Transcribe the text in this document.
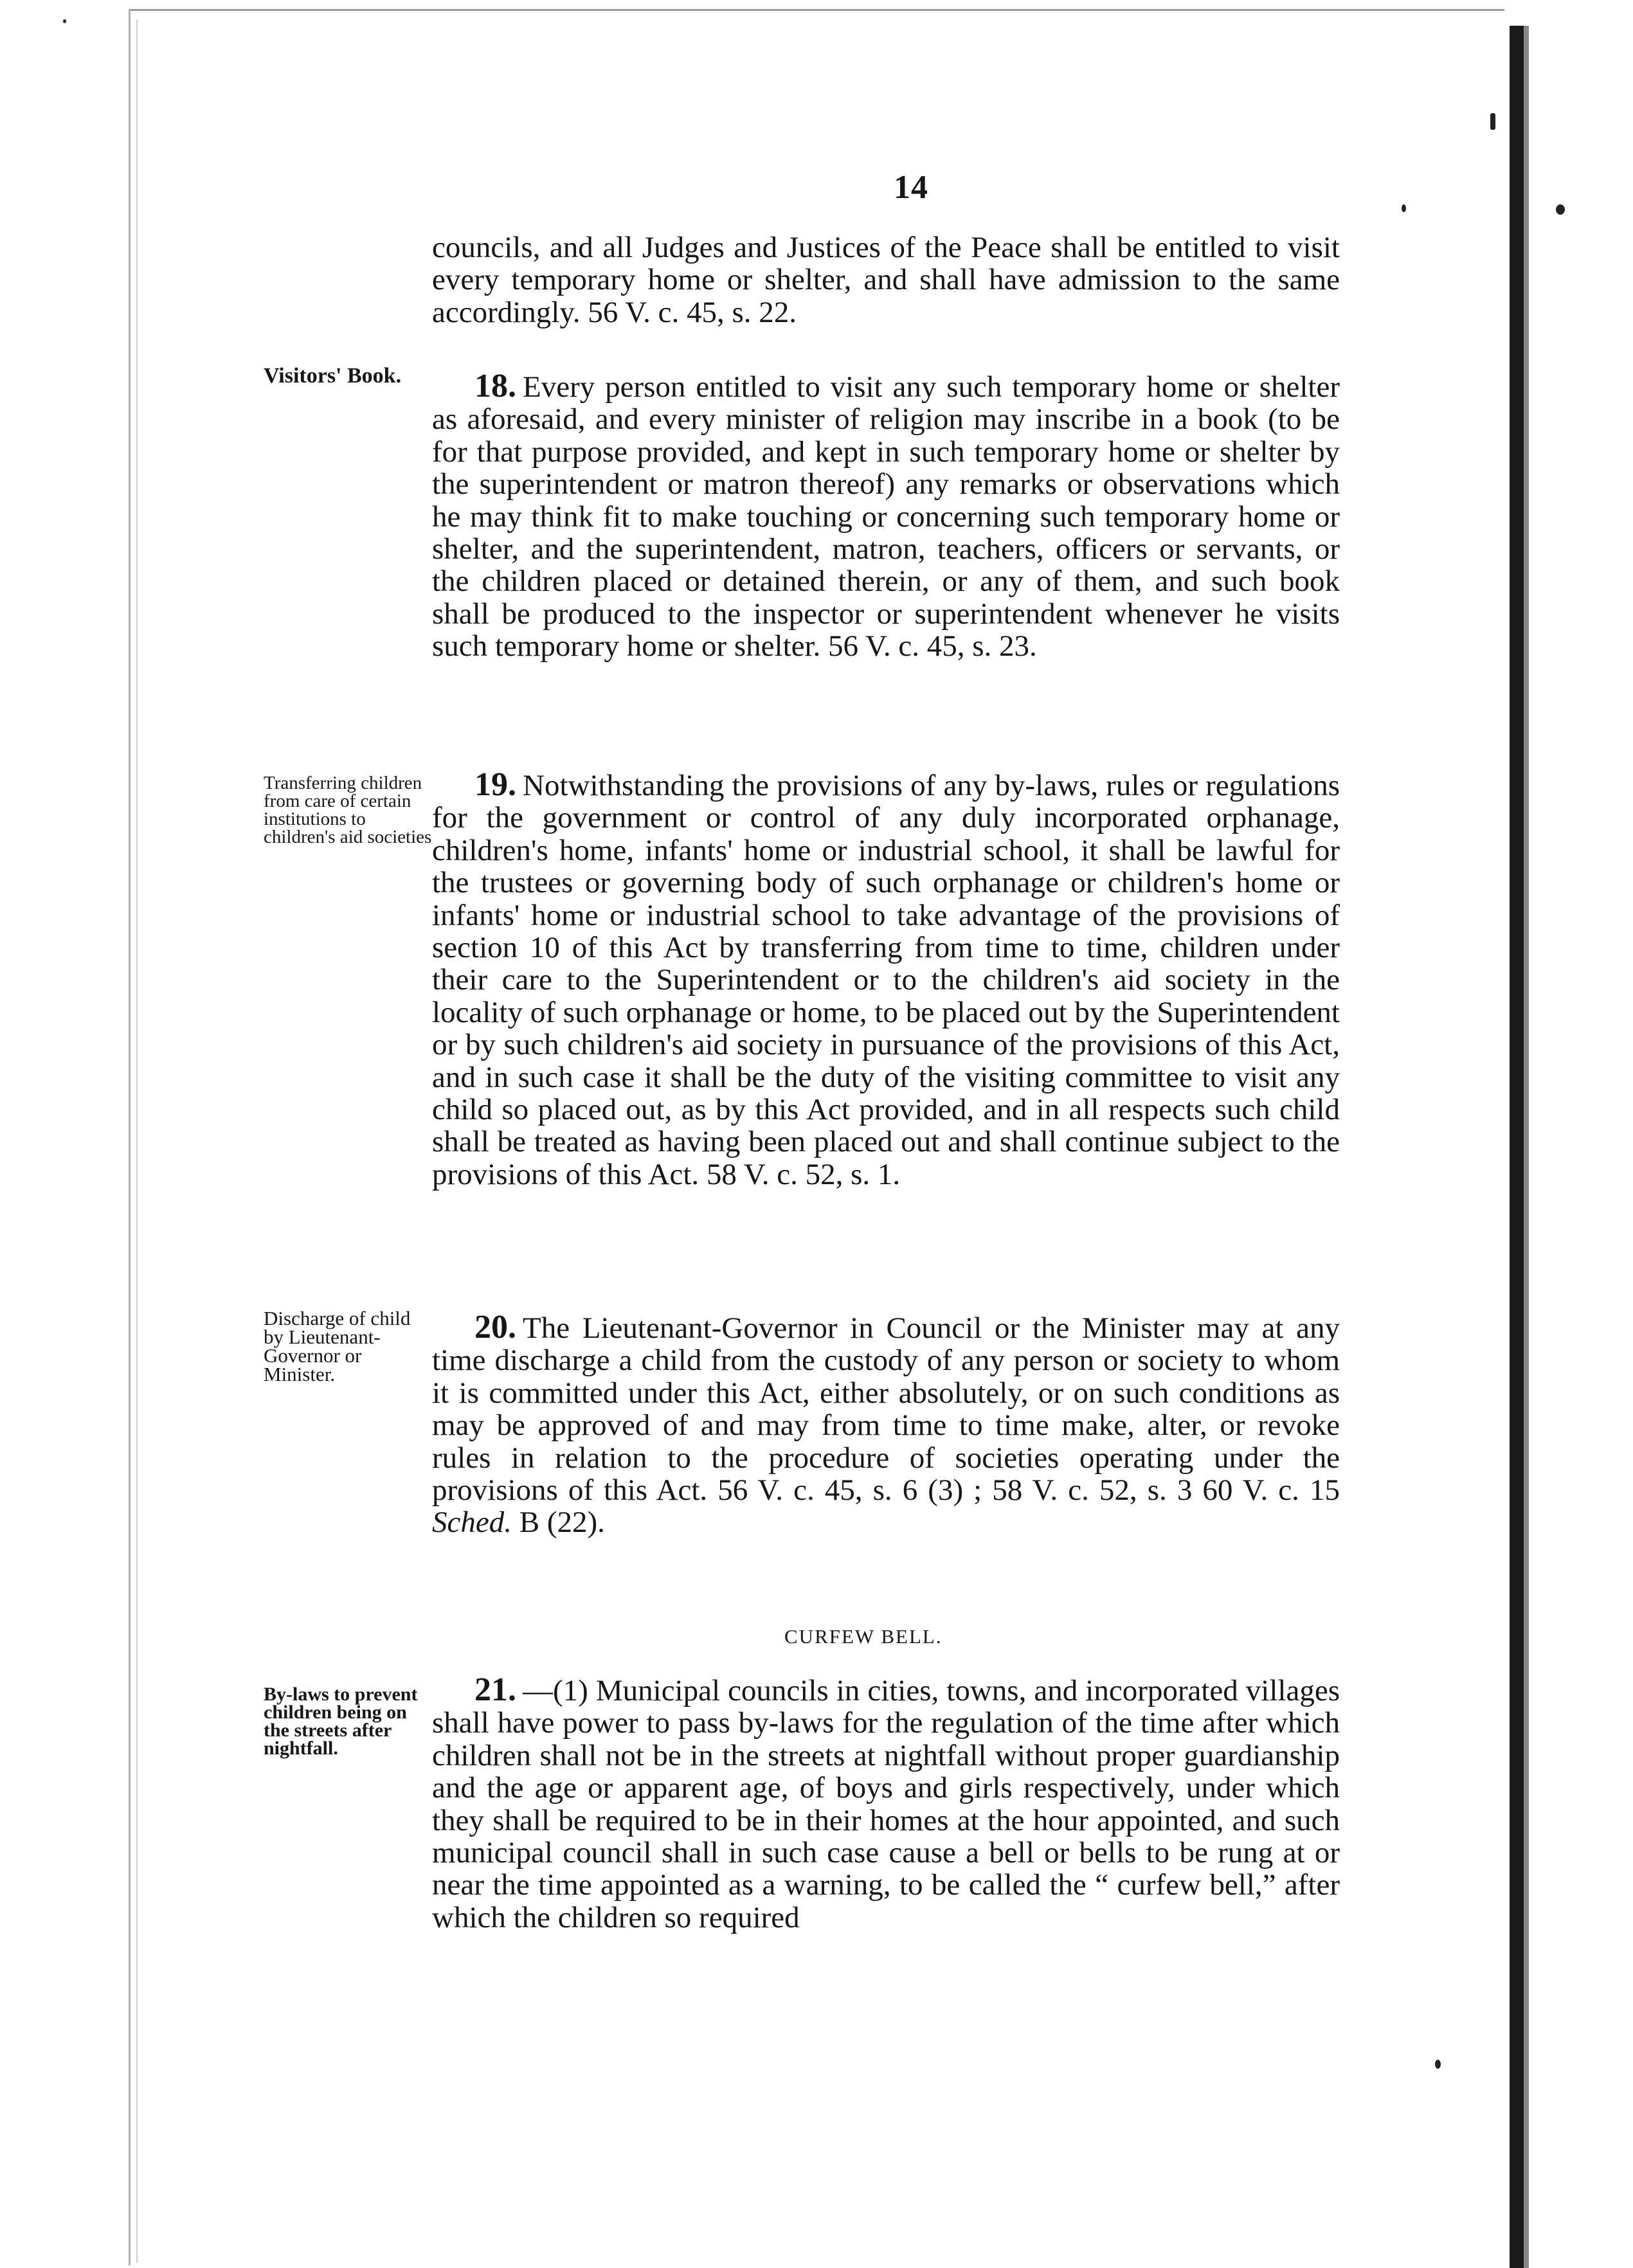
14

councils, and all Judges and Justices of the Peace shall be entitled to visit every temporary home or shelter, and shall have admission to the same accordingly. 56 V. c. 45, s. 22.

Visitors' Book.	18. Every person entitled to visit any such temporary home or shelter as aforesaid, and every minister of religion may inscribe in a book (to be for that purpose provided, and kept in such temporary home or shelter by the superintendent or matron thereof) any remarks or observations which he may think fit to make touching or concerning such temporary home or shelter, and the superintendent, matron, teachers, officers or servants, or the children placed or detained therein, or any of them, and such book shall be produced to the inspector or superintendent whenever he visits such temporary home or shelter. 56 V. c. 45, s. 23.

Transferring children from care of certain institutions to children's aid societies

19. Notwithstanding the provisions of any by-laws, rules or regulations for the government or control of any duly incorporated orphanage, children's home, infants' home or industrial school, it shall be lawful for the trustees or governing body of such orphanage or children's home or infants' home or industrial school to take advantage of the provisions of section 10 of this Act by transferring from time to time, children under their care to the Superintendent or to the children's aid society in the locality of such orphanage or home, to be placed out by the Superintendent or by such children's aid society in pursuance of the provisions of this Act, and in such case it shall be the duty of the visiting committee to visit any child so placed out, as by this Act provided, and in all respects such child shall be treated as having been placed out and shall continue subject to the provisions of this Act. 58 V. c. 52, s. 1.

Discharge of child by Lieutenant-Governor or Minister.

20. The Lieutenant-Governor in Council or the Minister may at any time discharge a child from the custody of any person or society to whom it is committed under this Act, either absolutely, or on such conditions as may be approved of and may from time to time make, alter, or revoke rules in relation to the procedure of societies operating under the provisions of this Act. 56 V. c. 45, s. 6 (3) ; 58 V. c. 52, s. 3 60 V. c. 15 Sched. B (22).

CURFEW BELL.

By-laws to prevent children being on the streets after nightfall.

21. —(1) Municipal councils in cities, towns, and incorporated villages shall have power to pass by-laws for the regulation of the time after which children shall not be in the streets at nightfall without proper guardianship and the age or apparent age, of boys and girls respectively, under which they shall be required to be in their homes at the hour appointed, and such municipal council shall in such case cause a bell or bells to be rung at or near the time appointed as a warning, to be called the “ curfew bell,” after which the children so required
